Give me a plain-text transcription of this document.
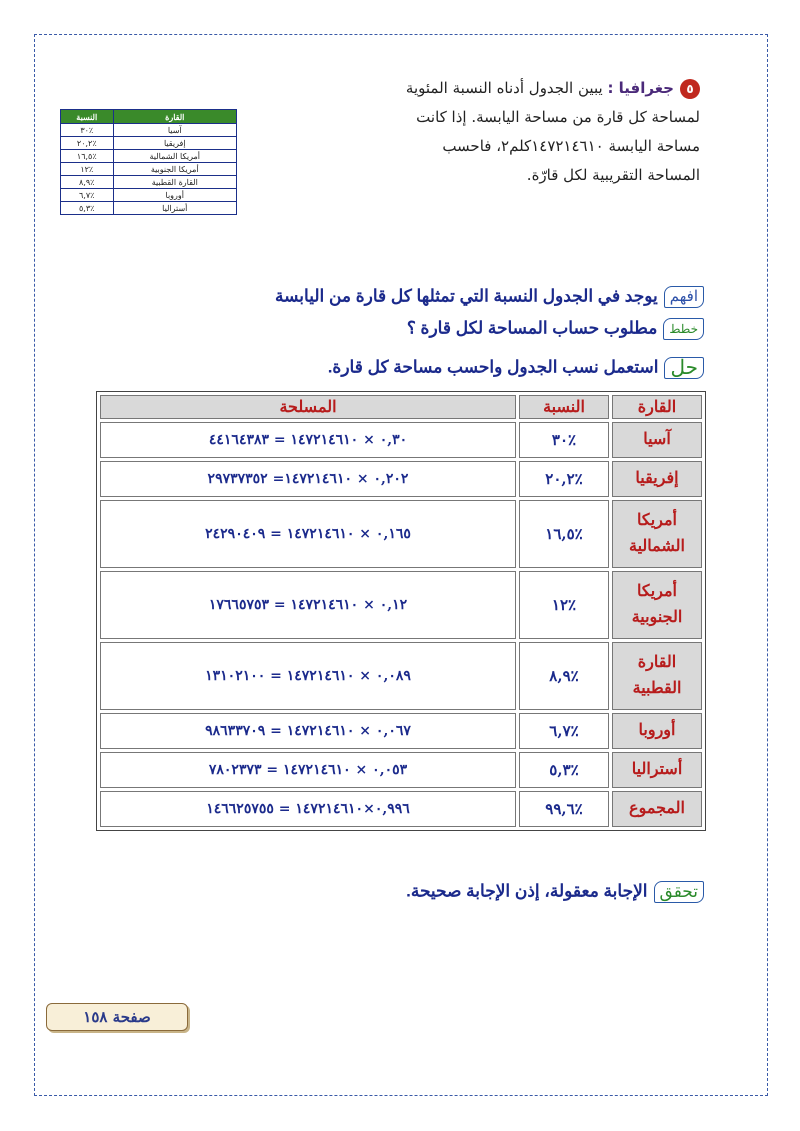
٥جغرافيا : يبين الجدول أدناه النسبة المئوية
لمساحة كل قارة من مساحة اليابسة. إذا كانت
مساحة اليابسة ١٤٧٢١٤٦١٠كلم٢، فاحسب
المساحة التقريبية لكل قارّة.
القارة	النسبة
آسيا	٪٣٠
إفريقيا	٪٢٠,٢
أمريكا الشمالية	٪١٦,٥
أمريكا الجنوبية	٪١٢
القارة القطبية	٪٨,٩
أوروبا	٪٦,٧
أستراليا	٪٥,٣
افهميوجد في الجدول النسبة التي تمثلها كل قارة من اليابسة
خططمطلوب حساب المساحة لكل قارة ؟
حلاستعمل نسب الجدول واحسب مساحة كل قارة.
القارة	النسبة	المسلحة
آسيا	٪٣٠	٠,٣٠ × ١٤٧٢١٤٦١٠ = ٤٤١٦٤٣٨٣
إفريقيا	٪٢٠,٢	٠,٢٠٢ × ١٤٧٢١٤٦١٠= ٢٩٧٣٧٣٥٢
أمريكا الشمالية	٪١٦,٥	٠,١٦٥ × ١٤٧٢١٤٦١٠ = ٢٤٢٩٠٤٠٩
أمريكا الجنوبية	٪١٢	٠,١٢ × ١٤٧٢١٤٦١٠ = ١٧٦٦٥٧٥٣
القارة القطبية	٪٨,٩	٠,٠٨٩ × ١٤٧٢١٤٦١٠ = ١٣١٠٢١٠٠
أوروبا	٪٦,٧	٠,٠٦٧ × ١٤٧٢١٤٦١٠ = ٩٨٦٣٣٧٠٩
أستراليا	٪٥,٣	٠,٠٥٣ × ١٤٧٢١٤٦١٠ = ٧٨٠٢٣٧٣
المجموع	٪٩٩,٦	٠,٩٩٦×١٤٧٢١٤٦١٠ = ١٤٦٦٢٥٧٥٥
تحققالإجابة معقولة، إذن الإجابة صحيحة.
صفحة ١٥٨
